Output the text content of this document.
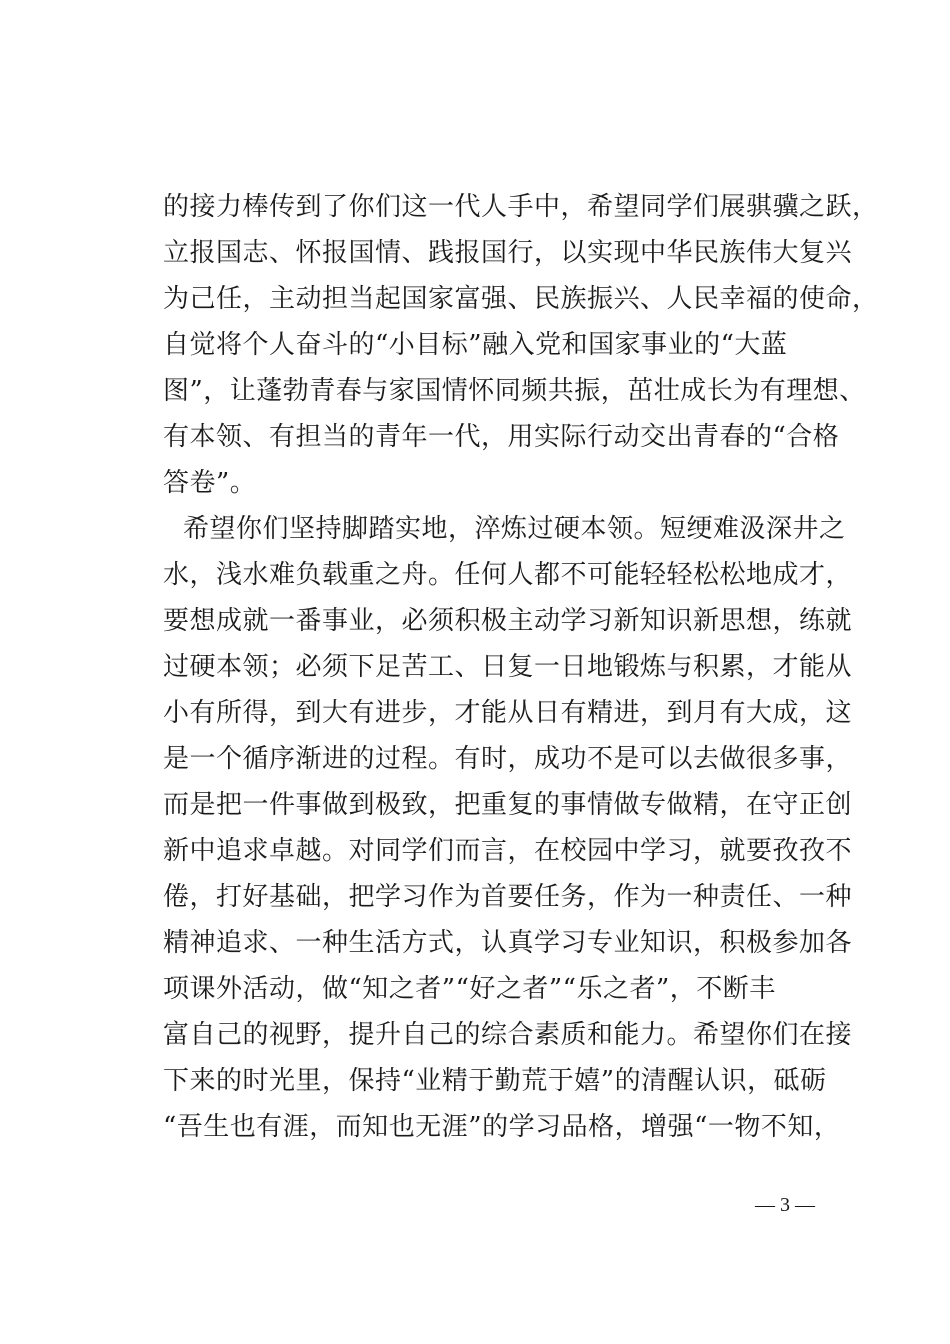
的接力棒传到了你们这一代人手中，希望同学们展骐骥之跃，
立报国志、怀报国情、践报国行，以实现中华民族伟大复兴
为己任，主动担当起国家富强、民族振兴、人民幸福的使命，
自觉将个人奋斗的“小目标”融入党和国家事业的“大蓝
图”，让蓬勃青春与家国情怀同频共振，茁壮成长为有理想、
有本领、有担当的青年一代，用实际行动交出青春的“合格
答卷”。
希望你们坚持脚踏实地，淬炼过硬本领。短绠难汲深井之
水，浅水难负载重之舟。任何人都不可能轻轻松松地成才，
要想成就一番事业，必须积极主动学习新知识新思想，练就
过硬本领；必须下足苦工、日复一日地锻炼与积累，才能从
小有所得，到大有进步，才能从日有精进，到月有大成，这
是一个循序渐进的过程。有时，成功不是可以去做很多事，
而是把一件事做到极致，把重复的事情做专做精，在守正创
新中追求卓越。对同学们而言，在校园中学习，就要孜孜不
倦，打好基础，把学习作为首要任务，作为一种责任、一种
精神追求、一种生活方式，认真学习专业知识，积极参加各
项课外活动，做“知之者”“好之者”“乐之者”，不断丰
富自己的视野，提升自己的综合素质和能力。希望你们在接
下来的时光里，保持“业精于勤荒于嬉”的清醒认识，砥砺
“吾生也有涯，而知也无涯”的学习品格，增强“一物不知，
— 3 —
